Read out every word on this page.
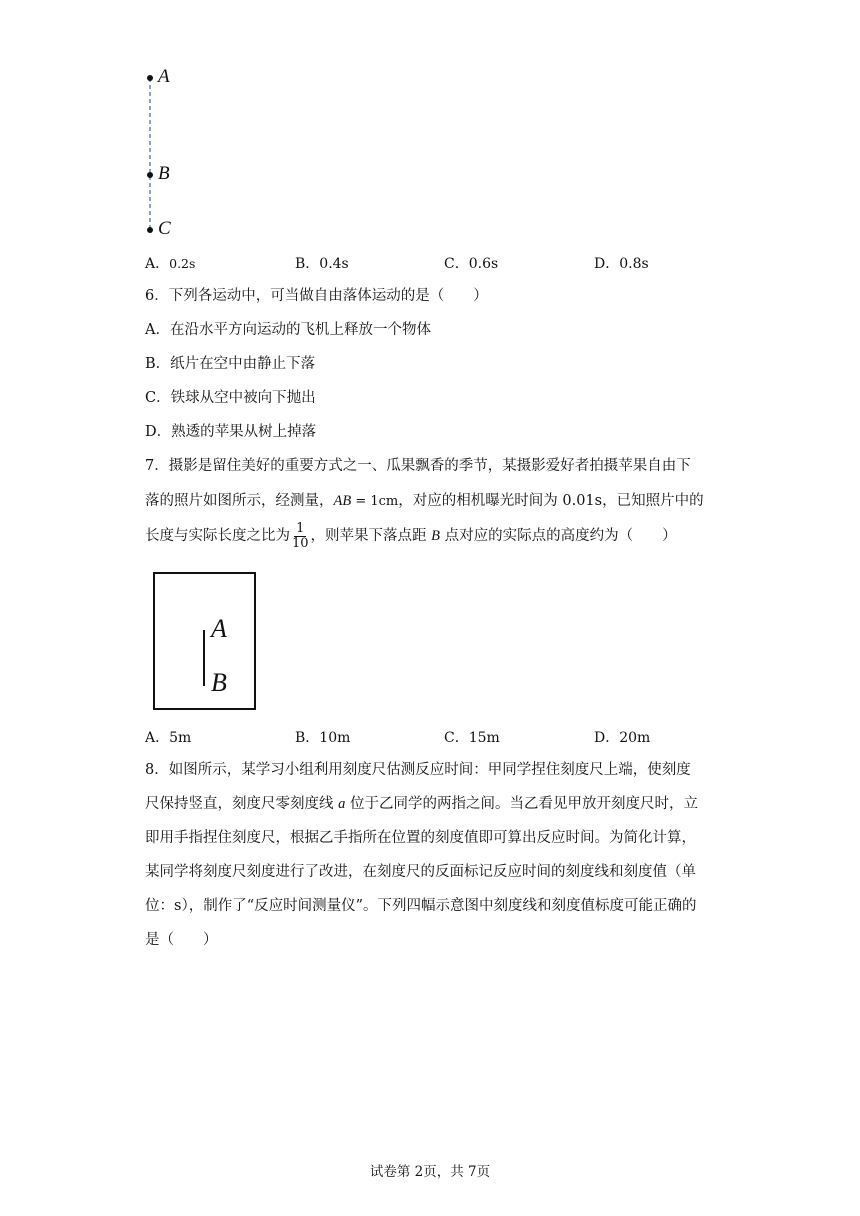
A
B
C
A．0.2s	B．0.4s	C．0.6s	D．0.8s
6．下列各运动中，可当做自由落体运动的是（　　）
A．在沿水平方向运动的飞机上释放一个物体
B．纸片在空中由静止下落
C．铁球从空中被向下抛出
D．熟透的苹果从树上掉落
7．摄影是留住美好的重要方式之一、瓜果飘香的季节，某摄影爱好者拍摄苹果自由下
落的照片如图所示，经测量，AB = 1cm，对应的相机曝光时间为 0.01s，已知照片中的
长度与实际长度之比为 $\frac{1}{10}$ ，则苹果下落点距 B 点对应的实际点的高度约为（　　）
A
B
A．5m	B．10m	C．15m	D．20m
8．如图所示，某学习小组利用刻度尺估测反应时间：甲同学捏住刻度尺上端，使刻度
尺保持竖直，刻度尺零刻度线 a 位于乙同学的两指之间。当乙看见甲放开刻度尺时，立
即用手指捏住刻度尺，根据乙手指所在位置的刻度值即可算出反应时间。为简化计算，
某同学将刻度尺刻度进行了改进，在刻度尺的反面标记反应时间的刻度线和刻度值（单
位：s），制作了“反应时间测量仪”。下列四幅示意图中刻度线和刻度值标度可能正确的
是（　　）
试卷第 2页，共 7页
